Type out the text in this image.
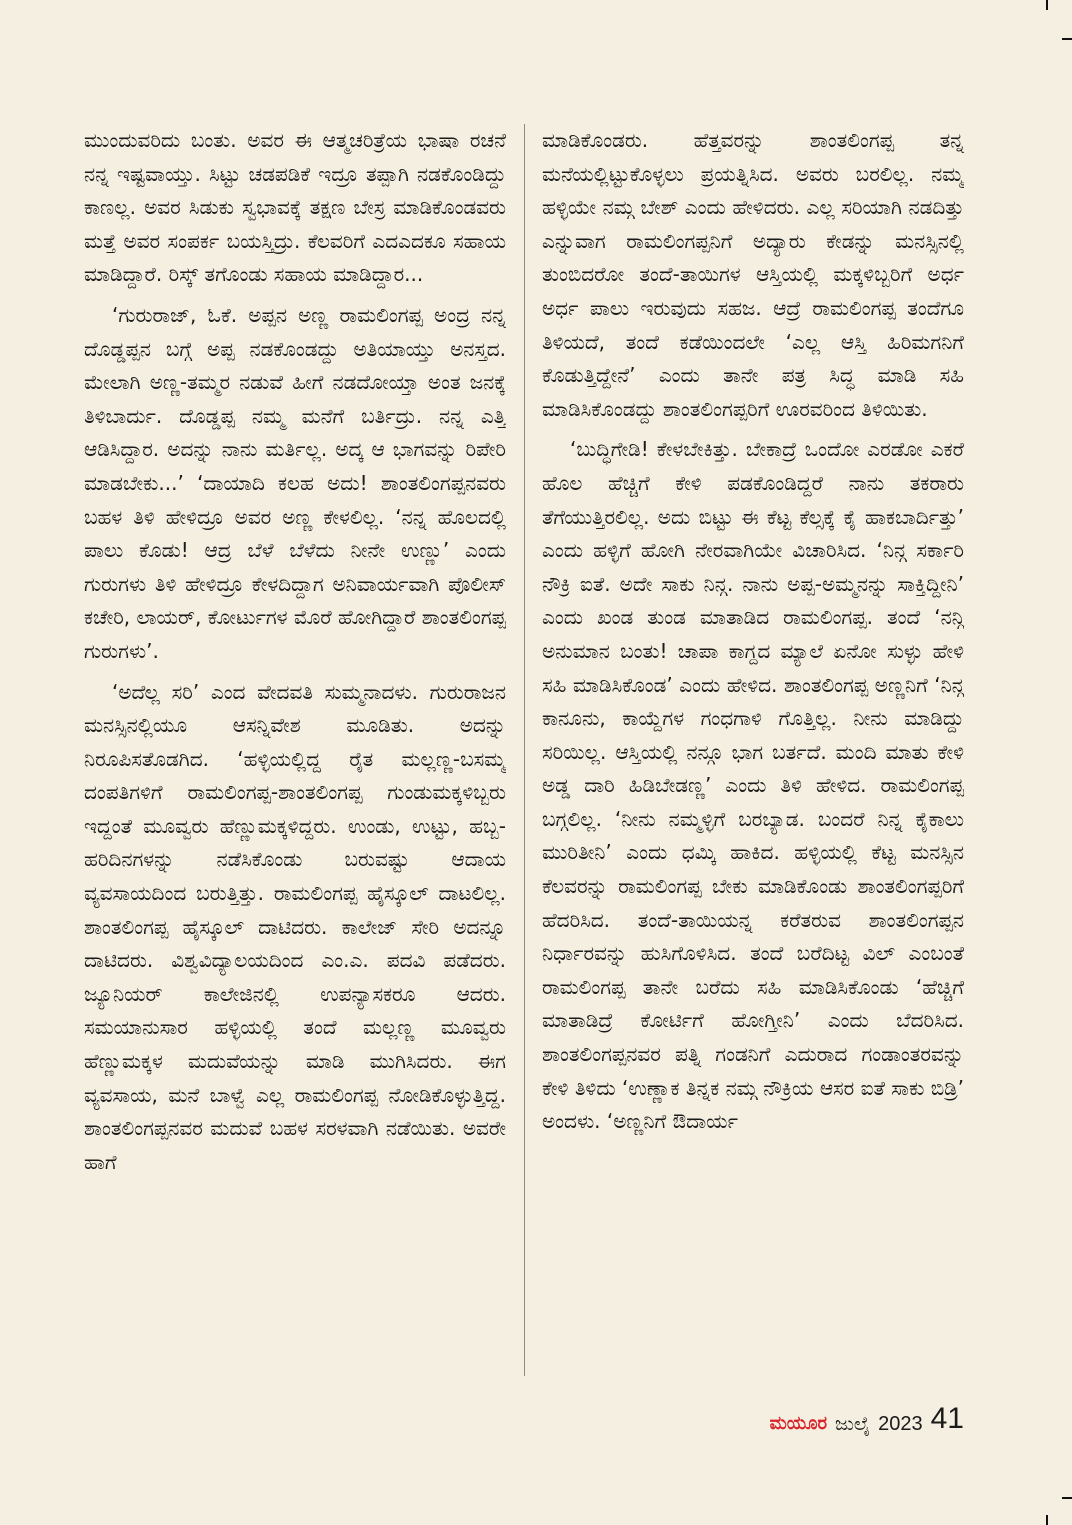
ಮುಂದುವರಿದು ಬಂತು. ಅವರ ಈ ಆತ್ಮಚರಿತ್ರೆಯ ಭಾಷಾ ರಚನೆ ನನ್ನ ಇಷ್ಟವಾಯ್ತು. ಸಿಟ್ಟು ಚಡಪಡಿಕೆ ಇದ್ರೂ ತಪ್ಪಾಗಿ ನಡಕೊಂಡಿದ್ದು ಕಾಣಲ್ಲ. ಅವರ ಸಿಡುಕು ಸ್ವಭಾವಕ್ಕೆ ತಕ್ಷಣ ಬೇಸ್ರ ಮಾಡಿಕೊಂಡವರು ಮತ್ತೆ ಅವರ ಸಂಪರ್ಕ ಬಯಸ್ತಿದ್ರು. ಕೆಲವರಿಗೆ ಎದಎದಕೂ ಸಹಾಯ ಮಾಡಿದ್ದಾರೆ. ರಿಸ್ಕ್ ತಗೊಂಡು ಸಹಾಯ ಮಾಡಿದ್ದಾರ...

‘ಗುರುರಾಜ್, ಓಕೆ. ಅಪ್ಪನ ಅಣ್ಣ ರಾಮಲಿಂಗಪ್ಪ ಅಂದ್ರ ನನ್ನ ದೊಡ್ಡಪ್ಪನ ಬಗ್ಗೆ ಅಪ್ಪ ನಡಕೊಂಡದ್ದು ಅತಿಯಾಯ್ತು ಅನಸ್ತದ. ಮೇಲಾಗಿ ಅಣ್ಣ-ತಮ್ಮರ ನಡುವೆ ಹೀಗೆ ನಡದೋಯ್ತಾ ಅಂತ ಜನಕ್ಕೆ ತಿಳಿಬಾರ್ದು. ದೊಡ್ಡಪ್ಪ ನಮ್ಮ ಮನೆಗೆ ಬರ್ತಿದ್ರು. ನನ್ನ ಎತ್ತಿ ಆಡಿಸಿದ್ದಾರ. ಅದನ್ನು ನಾನು ಮರ್ತಿಲ್ಲ. ಅದ್ಕ ಆ ಭಾಗವನ್ನು ರಿಪೇರಿ ಮಾಡಬೇಕು...’ ‘ದಾಯಾದಿ ಕಲಹ ಅದು! ಶಾಂತಲಿಂಗಪ್ಪನವರು ಬಹಳ ತಿಳಿ ಹೇಳಿದ್ರೂ ಅವರ ಅಣ್ಣ ಕೇಳಲಿಲ್ಲ. ‘ನನ್ನ ಹೊಲದಲ್ಲಿ ಪಾಲು ಕೊಡು! ಆದ್ರ ಬೆಳೆ ಬೆಳೆದು ನೀನೇ ಉಣ್ಣು’ ಎಂದು ಗುರುಗಳು ತಿಳಿ ಹೇಳಿದ್ರೂ ಕೇಳದಿದ್ದಾಗ ಅನಿವಾರ್ಯವಾಗಿ ಪೊಲೀಸ್ ಕಚೇರಿ, ಲಾಯರ್, ಕೋರ್ಟುಗಳ ಮೊರೆ ಹೋಗಿದ್ದಾರೆ ಶಾಂತಲಿಂಗಪ್ಪ ಗುರುಗಳು’.

‘ಅದೆಲ್ಲ ಸರಿ’ ಎಂದ ವೇದವತಿ ಸುಮ್ಮನಾದಳು. ಗುರುರಾಜನ ಮನಸ್ಸಿನಲ್ಲಿಯೂ ಆಸನ್ನಿವೇಶ ಮೂಡಿತು. ಅದನ್ನು ನಿರೂಪಿಸತೊಡಗಿದ. ‘ಹಳ್ಳಿಯಲ್ಲಿದ್ದ ರೈತ ಮಲ್ಲಣ್ಣ-ಬಸಮ್ಮ ದಂಪತಿಗಳಿಗೆ ರಾಮಲಿಂಗಪ್ಪ-ಶಾಂತಲಿಂಗಪ್ಪ ಗುಂಡುಮಕ್ಕಳಿಬ್ಬರು ಇದ್ದಂತೆ ಮೂವ್ವರು ಹೆಣ್ಣುಮಕ್ಕಳಿದ್ದರು. ಉಂಡು, ಉಟ್ಟು, ಹಬ್ಬ-ಹರಿದಿನಗಳನ್ನು ನಡೆಸಿಕೊಂಡು ಬರುವಷ್ಟು ಆದಾಯ ವ್ಯವಸಾಯದಿಂದ ಬರುತ್ತಿತ್ತು. ರಾಮಲಿಂಗಪ್ಪ ಹೈಸ್ಕೂಲ್ ದಾಟಲಿಲ್ಲ. ಶಾಂತಲಿಂಗಪ್ಪ ಹೈಸ್ಕೂಲ್ ದಾಟಿದರು. ಕಾಲೇಜ್ ಸೇರಿ ಅದನ್ನೂ ದಾಟಿದರು. ವಿಶ್ವವಿದ್ಯಾಲಯದಿಂದ ಎಂ.ಎ. ಪದವಿ ಪಡೆದರು. ಜ್ಯೂನಿಯರ್ ಕಾಲೇಜಿನಲ್ಲಿ ಉಪನ್ಯಾಸಕರೂ ಆದರು. ಸಮಯಾನುಸಾರ ಹಳ್ಳಿಯಲ್ಲಿ ತಂದೆ ಮಲ್ಲಣ್ಣ ಮೂವ್ವರು ಹೆಣ್ಣುಮಕ್ಕಳ ಮದುವೆಯನ್ನು ಮಾಡಿ ಮುಗಿಸಿದರು. ಈಗ ವ್ಯವಸಾಯ, ಮನೆ ಬಾಳ್ವೆ ಎಲ್ಲ ರಾಮಲಿಂಗಪ್ಪ ನೋಡಿಕೊಳ್ಳುತ್ತಿದ್ದ. ಶಾಂತಲಿಂಗಪ್ಪನವರ ಮದುವೆ ಬಹಳ ಸರಳವಾಗಿ ನಡೆಯಿತು. ಅವರೇ ಹಾಗೆ

ಮಾಡಿಕೊಂಡರು. ಹೆತ್ತವರನ್ನು ಶಾಂತಲಿಂಗಪ್ಪ ತನ್ನ ಮನೆಯಲ್ಲಿಟ್ಟುಕೊಳ್ಳಲು ಪ್ರಯತ್ನಿಸಿದ. ಅವರು ಬರಲಿಲ್ಲ. ನಮ್ಮ ಹಳ್ಳಿಯೇ ನಮ್ಗ ಬೇಶ್ ಎಂದು ಹೇಳಿದರು. ಎಲ್ಲ ಸರಿಯಾಗಿ ನಡದಿತ್ತು ಎನ್ನುವಾಗ ರಾಮಲಿಂಗಪ್ಪನಿಗೆ ಅದ್ಯಾರು ಕೇಡನ್ನು ಮನಸ್ಸಿನಲ್ಲಿ ತುಂಬಿದರೋ ತಂದೆ-ತಾಯಿಗಳ ಆಸ್ತಿಯಲ್ಲಿ ಮಕ್ಕಳಿಬ್ಬರಿಗೆ ಅರ್ಧ ಅರ್ಧ ಪಾಲು ಇರುವುದು ಸಹಜ. ಆದ್ರೆ ರಾಮಲಿಂಗಪ್ಪ ತಂದೆಗೂ ತಿಳಿಯದೆ, ತಂದೆ ಕಡೆಯಿಂದಲೇ ‘ಎಲ್ಲ ಆಸ್ತಿ ಹಿರಿಮಗನಿಗೆ ಕೊಡುತ್ತಿದ್ದೇನೆ’ ಎಂದು ತಾನೇ ಪತ್ರ ಸಿದ್ಧ ಮಾಡಿ ಸಹಿ ಮಾಡಿಸಿಕೊಂಡದ್ದು ಶಾಂತಲಿಂಗಪ್ಪರಿಗೆ ಊರವರಿಂದ ತಿಳಿಯಿತು.

‘ಬುದ್ಧಿಗೇಡಿ! ಕೇಳಬೇಕಿತ್ತು. ಬೇಕಾದ್ರೆ ಒಂದೋ ಎರಡೋ ಎಕರೆ ಹೊಲ ಹೆಚ್ಚಿಗೆ ಕೇಳಿ ಪಡಕೊಂಡಿದ್ದರೆ ನಾನು ತಕರಾರು ತೆಗೆಯುತ್ತಿರಲಿಲ್ಲ. ಅದು ಬಿಟ್ಟು ಈ ಕೆಟ್ಟ ಕೆಲ್ಸಕ್ಕೆ ಕೈ ಹಾಕಬಾರ್ದಿತ್ತು’ ಎಂದು ಹಳ್ಳಿಗೆ ಹೋಗಿ ನೇರವಾಗಿಯೇ ವಿಚಾರಿಸಿದ. ‘ನಿನ್ಗ ಸರ್ಕಾರಿ ನೌಕ್ರಿ ಐತೆ. ಅದೇ ಸಾಕು ನಿನ್ಗ. ನಾನು ಅಪ್ಪ-ಅಮ್ಮನನ್ನು ಸಾಕ್ತಿದ್ದೀನಿ’ ಎಂದು ಖಂಡ ತುಂಡ ಮಾತಾಡಿದ ರಾಮಲಿಂಗಪ್ಪ. ತಂದೆ ‘ನನ್ಗಿ ಅನುಮಾನ ಬಂತು! ಚಾಪಾ ಕಾಗ್ದದ ಮ್ಯಾಲೆ ಏನೋ ಸುಳ್ಳು ಹೇಳಿ ಸಹಿ ಮಾಡಿಸಿಕೊಂಡ’ ಎಂದು ಹೇಳಿದ. ಶಾಂತಲಿಂಗಪ್ಪ ಅಣ್ಣನಿಗೆ ‘ನಿನ್ಗ ಕಾನೂನು, ಕಾಯ್ದೆಗಳ ಗಂಧಗಾಳಿ ಗೊತ್ತಿಲ್ಲ. ನೀನು ಮಾಡಿದ್ದು ಸರಿಯಿಲ್ಲ. ಆಸ್ತಿಯಲ್ಲಿ ನನ್ಗೂ ಭಾಗ ಬರ್ತದೆ. ಮಂದಿ ಮಾತು ಕೇಳಿ ಅಡ್ಡ ದಾರಿ ಹಿಡಿಬೇಡಣ್ಣ’ ಎಂದು ತಿಳಿ ಹೇಳಿದ. ರಾಮಲಿಂಗಪ್ಪ ಬಗ್ಗಲಿಲ್ಲ. ‘ನೀನು ನಮ್ಮಳ್ಳಿಗೆ ಬರಬ್ಯಾಡ. ಬಂದರೆ ನಿನ್ನ ಕೈಕಾಲು ಮುರಿತೀನಿ’ ಎಂದು ಧಮ್ಕಿ ಹಾಕಿದ. ಹಳ್ಳಿಯಲ್ಲಿ ಕೆಟ್ಟ ಮನಸ್ಸಿನ ಕೆಲವರನ್ನು ರಾಮಲಿಂಗಪ್ಪ ಬೇಕು ಮಾಡಿಕೊಂಡು ಶಾಂತಲಿಂಗಪ್ಪರಿಗೆ ಹೆದರಿಸಿದ. ತಂದೆ-ತಾಯಿಯನ್ನ ಕರೆತರುವ ಶಾಂತಲಿಂಗಪ್ಪನ ನಿರ್ಧಾರವನ್ನು ಹುಸಿಗೊಳಿಸಿದ. ತಂದೆ ಬರೆದಿಟ್ಟ ವಿಲ್ ಎಂಬಂತೆ ರಾಮಲಿಂಗಪ್ಪ ತಾನೇ ಬರೆದು ಸಹಿ ಮಾಡಿಸಿಕೊಂಡು ‘ಹೆಚ್ಚಿಗೆ ಮಾತಾಡಿದ್ರೆ ಕೋರ್ಟಿಗೆ ಹೋಗ್ತೀನಿ’ ಎಂದು ಬೆದರಿಸಿದ. ಶಾಂತಲಿಂಗಪ್ಪನವರ ಪತ್ನಿ ಗಂಡನಿಗೆ ಎದುರಾದ ಗಂಡಾಂತರವನ್ನು ಕೇಳಿ ತಿಳಿದು ‘ಉಣ್ಣಾಕ ತಿನ್ನಕ ನಮ್ಗ ನೌಕ್ರಿಯ ಆಸರ ಐತೆ ಸಾಕು ಬಿಡ್ರಿ’ ಅಂದಳು. ‘ಅಣ್ಣನಿಗೆ ಔದಾರ್ಯ

ಮಯೂರ ಜುಲೈ 2023 41
